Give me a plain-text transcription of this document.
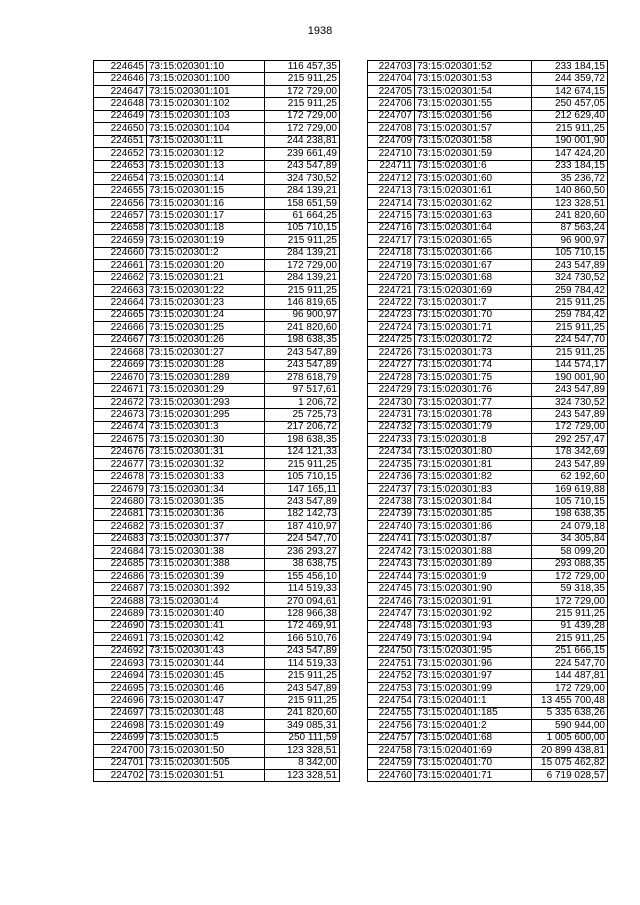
1938
224645	73:15:020301:10	116 457,35
224646	73:15:020301:100	215 911,25
224647	73:15:020301:101	172 729,00
224648	73:15:020301:102	215 911,25
224649	73:15:020301:103	172 729,00
224650	73:15:020301:104	172 729,00
224651	73:15:020301:11	244 238,81
224652	73:15:020301:12	239 661,49
224653	73:15:020301:13	243 547,89
224654	73:15:020301:14	324 730,52
224655	73:15:020301:15	284 139,21
224656	73:15:020301:16	158 651,59
224657	73:15:020301:17	61 664,25
224658	73:15:020301:18	105 710,15
224659	73:15:020301:19	215 911,25
224660	73:15:020301:2	284 139,21
224661	73:15:020301:20	172 729,00
224662	73:15:020301:21	284 139,21
224663	73:15:020301:22	215 911,25
224664	73:15:020301:23	146 819,65
224665	73:15:020301:24	96 900,97
224666	73:15:020301:25	241 820,60
224667	73:15:020301:26	198 638,35
224668	73:15:020301:27	243 547,89
224669	73:15:020301:28	243 547,89
224670	73:15:020301:289	278 618,79
224671	73:15:020301:29	97 517,61
224672	73:15:020301:293	1 206,72
224673	73:15:020301:295	25 725,73
224674	73:15:020301:3	217 206,72
224675	73:15:020301:30	198 638,35
224676	73:15:020301:31	124 121,33
224677	73:15:020301:32	215 911,25
224678	73:15:020301:33	105 710,15
224679	73:15:020301:34	147 165,11
224680	73:15:020301:35	243 547,89
224681	73:15:020301:36	182 142,73
224682	73:15:020301:37	187 410,97
224683	73:15:020301:377	224 547,70
224684	73:15:020301:38	236 293,27
224685	73:15:020301:388	38 638,75
224686	73:15:020301:39	155 456,10
224687	73:15:020301:392	114 519,33
224688	73:15:020301:4	270 094,61
224689	73:15:020301:40	128 966,38
224690	73:15:020301:41	172 469,91
224691	73:15:020301:42	166 510,76
224692	73:15:020301:43	243 547,89
224693	73:15:020301:44	114 519,33
224694	73:15:020301:45	215 911,25
224695	73:15:020301:46	243 547,89
224696	73:15:020301:47	215 911,25
224697	73:15:020301:48	241 820,60
224698	73:15:020301:49	349 085,31
224699	73:15:020301:5	250 111,59
224700	73:15:020301:50	123 328,51
224701	73:15:020301:505	8 342,00
224702	73:15:020301:51	123 328,51
224703	73:15:020301:52	233 184,15
224704	73:15:020301:53	244 359,72
224705	73:15:020301:54	142 674,15
224706	73:15:020301:55	250 457,05
224707	73:15:020301:56	212 629,40
224708	73:15:020301:57	215 911,25
224709	73:15:020301:58	190 001,90
224710	73:15:020301:59	147 424,20
224711	73:15:020301:6	233 184,15
224712	73:15:020301:60	35 236,72
224713	73:15:020301:61	140 860,50
224714	73:15:020301:62	123 328,51
224715	73:15:020301:63	241 820,60
224716	73:15:020301:64	87 563,24
224717	73:15:020301:65	96 900,97
224718	73:15:020301:66	105 710,15
224719	73:15:020301:67	243 547,89
224720	73:15:020301:68	324 730,52
224721	73:15:020301:69	259 784,42
224722	73:15:020301:7	215 911,25
224723	73:15:020301:70	259 784,42
224724	73:15:020301:71	215 911,25
224725	73:15:020301:72	224 547,70
224726	73:15:020301:73	215 911,25
224727	73:15:020301:74	144 574,17
224728	73:15:020301:75	190 001,90
224729	73:15:020301:76	243 547,89
224730	73:15:020301:77	324 730,52
224731	73:15:020301:78	243 547,89
224732	73:15:020301:79	172 729,00
224733	73:15:020301:8	292 257,47
224734	73:15:020301:80	178 342,69
224735	73:15:020301:81	243 547,89
224736	73:15:020301:82	62 192,60
224737	73:15:020301:83	169 619,88
224738	73:15:020301:84	105 710,15
224739	73:15:020301:85	198 638,35
224740	73:15:020301:86	24 079,18
224741	73:15:020301:87	34 305,84
224742	73:15:020301:88	58 099,20
224743	73:15:020301:89	293 088,35
224744	73:15:020301:9	172 729,00
224745	73:15:020301:90	59 318,35
224746	73:15:020301:91	172 729,00
224747	73:15:020301:92	215 911,25
224748	73:15:020301:93	91 439,28
224749	73:15:020301:94	215 911,25
224750	73:15:020301:95	251 666,15
224751	73:15:020301:96	224 547,70
224752	73:15:020301:97	144 487,81
224753	73:15:020301:99	172 729,00
224754	73:15:020401:1	13 455 700,48
224755	73:15:020401:185	5 335 638,26
224756	73:15:020401:2	590 944,00
224757	73:15:020401:68	1 005 600,00
224758	73:15:020401:69	20 899 438,81
224759	73:15:020401:70	15 075 462,82
224760	73:15:020401:71	6 719 028,57
